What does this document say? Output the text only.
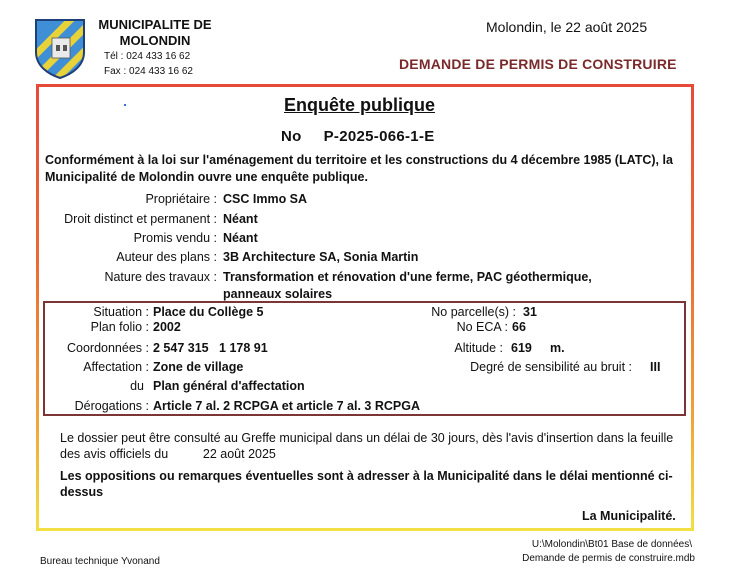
MUNICIPALITE DE
MOLONDIN
Tél : 024 433 16 62
Fax : 024 433 16 62
Molondin, le 22 août 2025
DEMANDE DE PERMIS DE CONSTRUIRE
Enquête publique
No P-2025-066-1-E
Conformément à la loi sur l'aménagement du territoire et les constructions du 4 décembre 1985 (LATC), la Municipalité de Molondin ouvre une enquête publique.
Propriétaire : CSC Immo SA
Droit distinct et permanent : Néant
Promis vendu : Néant
Auteur des plans : 3B Architecture SA, Sonia Martin
Nature des travaux : Transformation et rénovation d'une ferme, PAC géothermique,
panneaux solaires
Situation : Place du Collège 5
Plan folio : 2002
Coordonnées : 2 547 315   1 178 91
Affectation : Zone de village
du Plan général d'affectation
Dérogations : Article 7 al. 2 RCPGA et article 7 al. 3 RCPGA
No parcelle(s) : 31
No ECA : 66
Altitude : 619 m.
Degré de sensibilité au bruit : III
Le dossier peut être consulté au Greffe municipal dans un délai de 30 jours, dès l'avis d'insertion dans la feuille des avis officiels du          22 août 2025
Les oppositions ou remarques éventuelles sont à adresser à la Municipalité dans le délai mentionné ci-dessus
La Municipalité.
Bureau technique Yvonand
U:\Molondin\Bt01 Base de données\
Demande de permis de construire.mdb
